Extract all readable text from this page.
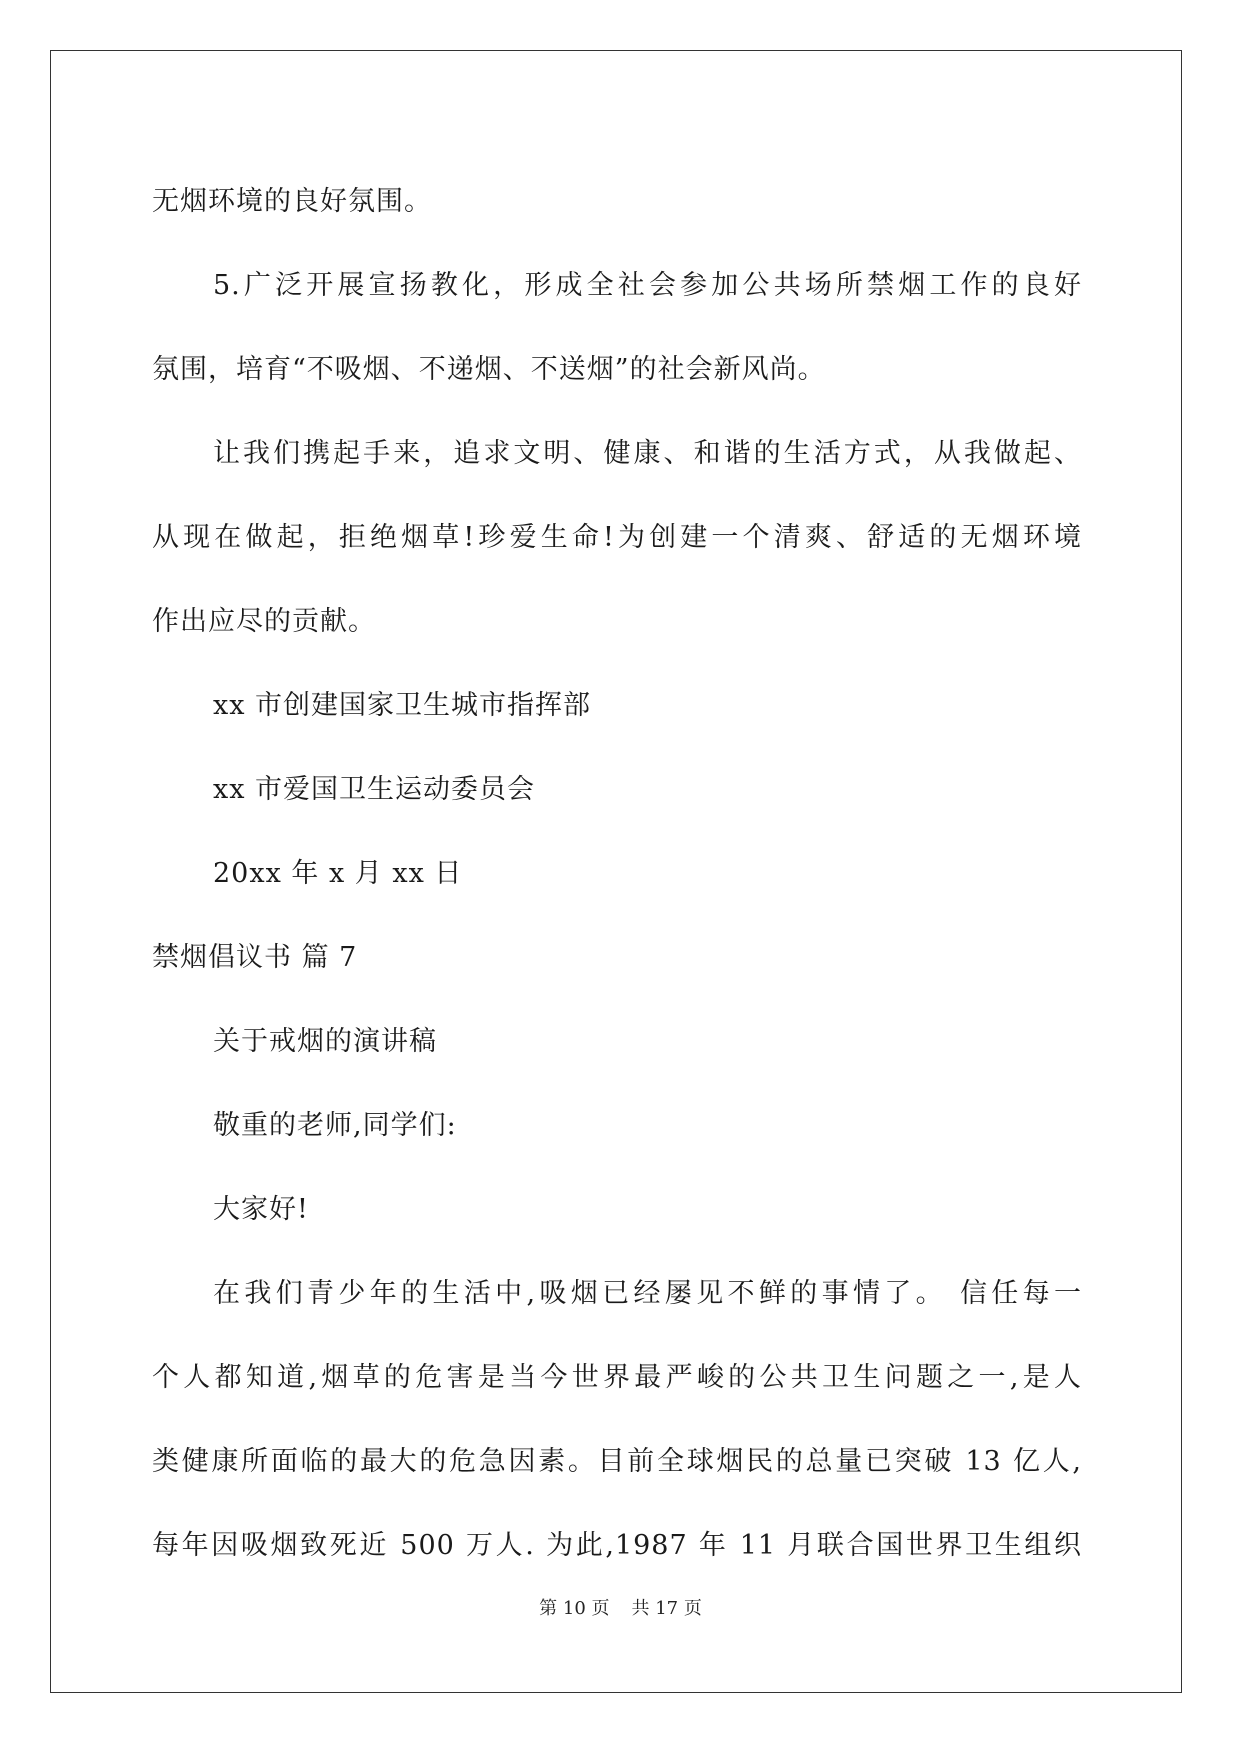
无烟环境的良好氛围。
5.广泛开展宣扬教化，形成全社会参加公共场所禁烟工作的良好
氛围，培育“不吸烟、不递烟、不送烟”的社会新风尚。
让我们携起手来，追求文明、健康、和谐的生活方式，从我做起、
从现在做起，拒绝烟草!珍爱生命!为创建一个清爽、舒适的无烟环境
作出应尽的贡献。
xx 市创建国家卫生城市指挥部
xx 市爱国卫生运动委员会
20xx 年 x 月 xx 日
禁烟倡议书 篇 7
关于戒烟的演讲稿
敬重的老师,同学们:
大家好!
在我们青少年的生活中,吸烟已经屡见不鲜的事情了。 信任每一
个人都知道,烟草的危害是当今世界最严峻的公共卫生问题之一,是人
类健康所面临的最大的危急因素。目前全球烟民的总量已突破 13 亿人,
每年因吸烟致死近 500 万人. 为此,1987 年 11 月联合国世界卫生组织
第 10 页 共 17 页
